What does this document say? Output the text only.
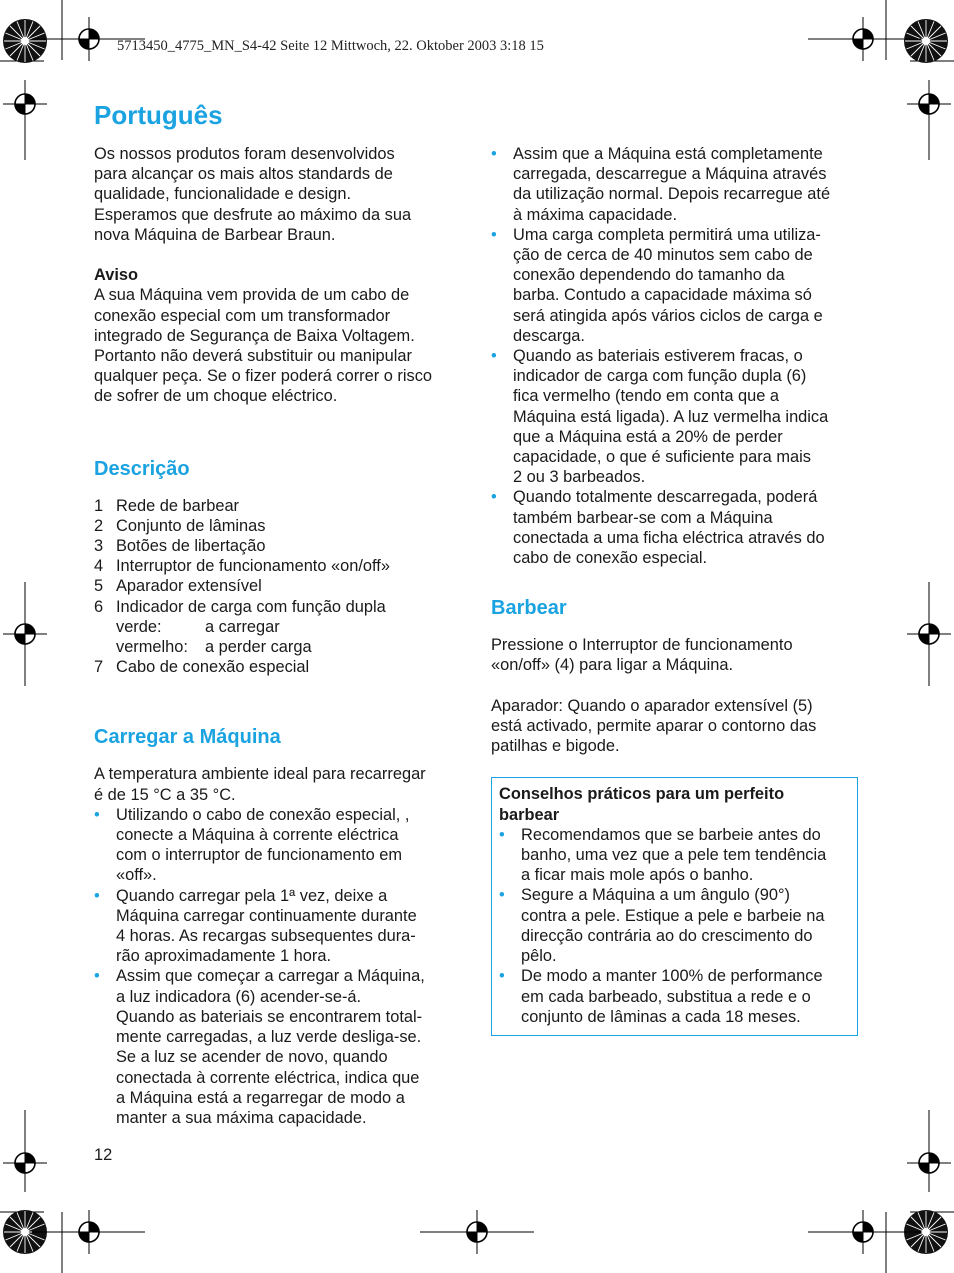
5713450_4775_MN_S4-42 Seite 12 Mittwoch, 22. Oktober 2003 3:18 15
Português

Os nossos produtos foram desenvolvidos

para alcançar os mais altos standards de

qualidade, funcionalidade e design.

Esperamos que desfrute ao máximo da sua

nova Máquina de Barbear Braun.

Aviso

A sua Máquina vem provida de um cabo de

conexão especial com um transformador

integrado de Segurança de Baixa Voltagem.

Portanto não deverá substituir ou manipular

qualquer peça. Se o fizer poderá correr o risco

de sofrer de um choque eléctrico.

Descrição
1 Rede de barbear
2 Conjunto de lâminas
3 Botões de libertação
4 Interruptor de funcionamento «on/off»
5 Aparador extensível
6 Indicador de carga com função dupla
verde:	a carregar
vermelho:	a perder carga
7 Cabo de conexão especial
Carregar a Máquina

A temperatura ambiente ideal para recarregar

é de 15 °C a 35 °C.

• Utilizando o cabo de conexão especial, ,

conecte a Máquina à corrente eléctrica

com o interruptor de funcionamento em

«off».

• Quando carregar pela 1ª vez, deixe a

Máquina carregar continuamente durante

4 horas. As recargas subsequentes dura-

rão aproximadamente 1 hora.

• Assim que começar a carregar a Máquina,

a luz indicadora (6) acender-se-á.

Quando as bateriais se encontrarem total-

mente carregadas, a luz verde desliga-se.

Se a luz se acender de novo, quando

conectada à corrente eléctrica, indica que

a Máquina está a regarregar de modo a

manter a sua máxima capacidade.

• Assim que a Máquina está completamente

carregada, descarregue a Máquina através

da utilização normal. Depois recarregue até

à máxima capacidade.

• Uma carga completa permitirá uma utiliza-

ção de cerca de 40 minutos sem cabo de

conexão dependendo do tamanho da

barba. Contudo a capacidade máxima só

será atingida após vários ciclos de carga e

descarga.

• Quando as bateriais estiverem fracas, o

indicador de carga com função dupla (6)

fica vermelho (tendo em conta que a

Máquina está ligada). A luz vermelha indica

que a Máquina está a 20% de perder

capacidade, o que é suficiente para mais

2 ou 3 barbeados.

• Quando totalmente descarregada, poderá

também barbear-se com a Máquina

conectada a uma ficha eléctrica através do

cabo de conexão especial.

Barbear

Pressione o Interruptor de funcionamento

«on/off» (4) para ligar a Máquina.

Aparador: Quando o aparador extensível (5)

está activado, permite aparar o contorno das

patilhas e bigode.

Conselhos práticos para um perfeito

barbear

• Recomendamos que se barbeie antes do

banho, uma vez que a pele tem tendência

a ficar mais mole após o banho.

• Segure a Máquina a um ângulo (90°)

contra a pele. Estique a pele e barbeie na

direcção contrária ao do crescimento do

pêlo.

• De modo a manter 100% de performance

em cada barbeado, substitua a rede e o

conjunto de lâminas a cada 18 meses.

12
